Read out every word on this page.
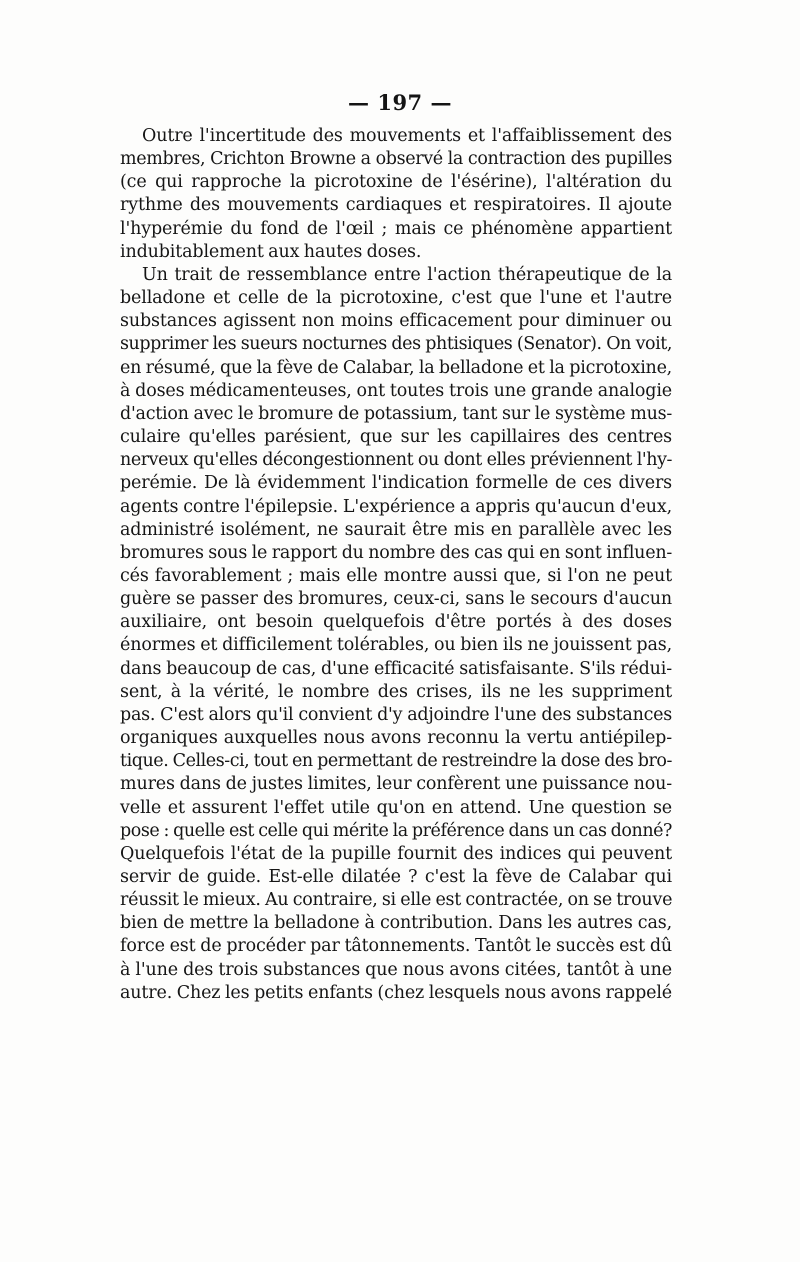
— 197 —
Outre l'incertitude des mouvements et l'affaiblissement des
membres, Crichton Browne a observé la contraction des pupilles
(ce qui rapproche la picrotoxine de l'ésérine), l'altération du
rythme des mouvements cardiaques et respiratoires. Il ajoute
l'hyperémie du fond de l'œil ; mais ce phénomène appartient
indubitablement aux hautes doses.
Un trait de ressemblance entre l'action thérapeutique de la
belladone et celle de la picrotoxine, c'est que l'une et l'autre
substances agissent non moins efficacement pour diminuer ou
supprimer les sueurs nocturnes des phtisiques (Senator). On voit,
en résumé, que la fève de Calabar, la belladone et la picrotoxine,
à doses médicamenteuses, ont toutes trois une grande analogie
d'action avec le bromure de potassium, tant sur le système mus-
culaire qu'elles parésient, que sur les capillaires des centres
nerveux qu'elles décongestionnent ou dont elles préviennent l'hy-
perémie. De là évidemment l'indication formelle de ces divers
agents contre l'épilepsie. L'expérience a appris qu'aucun d'eux,
administré isolément, ne saurait être mis en parallèle avec les
bromures sous le rapport du nombre des cas qui en sont influen-
cés favorablement ; mais elle montre aussi que, si l'on ne peut
guère se passer des bromures, ceux-ci, sans le secours d'aucun
auxiliaire, ont besoin quelquefois d'être portés à des doses
énormes et difficilement tolérables, ou bien ils ne jouissent pas,
dans beaucoup de cas, d'une efficacité satisfaisante. S'ils rédui-
sent, à la vérité, le nombre des crises, ils ne les suppriment
pas. C'est alors qu'il convient d'y adjoindre l'une des substances
organiques auxquelles nous avons reconnu la vertu antiépilep-
tique. Celles-ci, tout en permettant de restreindre la dose des bro-
mures dans de justes limites, leur confèrent une puissance nou-
velle et assurent l'effet utile qu'on en attend. Une question se
pose : quelle est celle qui mérite la préférence dans un cas donné?
Quelquefois l'état de la pupille fournit des indices qui peuvent
servir de guide. Est-elle dilatée ? c'est la fève de Calabar qui
réussit le mieux. Au contraire, si elle est contractée, on se trouve
bien de mettre la belladone à contribution. Dans les autres cas,
force est de procéder par tâtonnements. Tantôt le succès est dû
à l'une des trois substances que nous avons citées, tantôt à une
autre. Chez les petits enfants (chez lesquels nous avons rappelé
